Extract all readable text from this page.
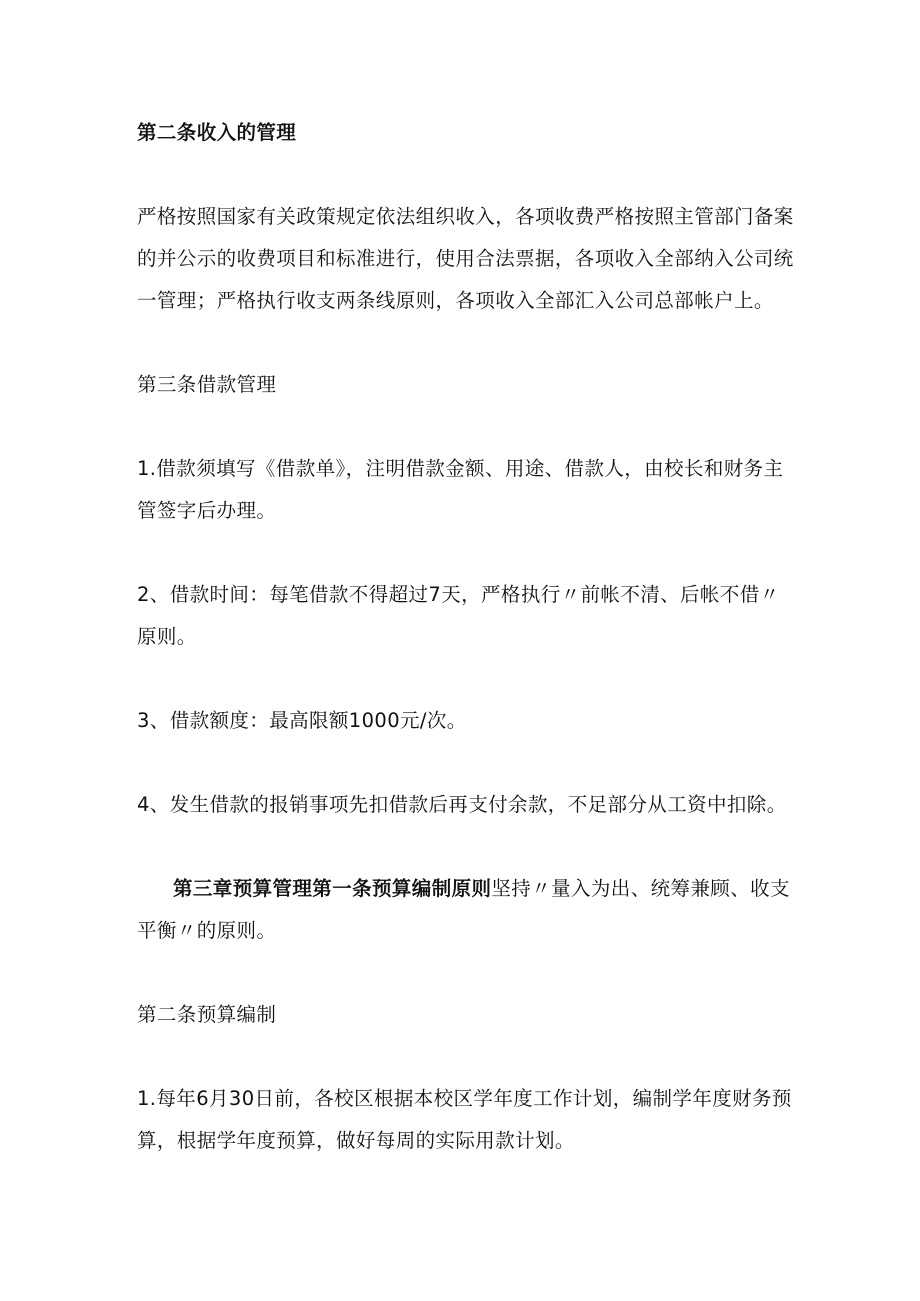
第二条收入的管理

严格按照国家有关政策规定依法组织收入，各项收费严格按照主管部门备案的并公示的收费项目和标准进行，使用合法票据，各项收入全部纳入公司统一管理；严格执行收支两条线原则，各项收入全部汇入公司总部帐户上。

第三条借款管理

1.借款须填写《借款单》，注明借款金额、用途、借款人，由校长和财务主管签字后办理。

2、借款时间：每笔借款不得超过7天，严格执行〃前帐不清、后帐不借〃原则。

3、借款额度：最高限额1000元/次。

4、发生借款的报销事项先扣借款后再支付余款，不足部分从工资中扣除。

第三章预算管理第一条预算编制原则坚持〃量入为出、统筹兼顾、收支平衡〃的原则。

第二条预算编制

1.每年6月30日前，各校区根据本校区学年度工作计划，编制学年度财务预算，根据学年度预算，做好每周的实际用款计划。
